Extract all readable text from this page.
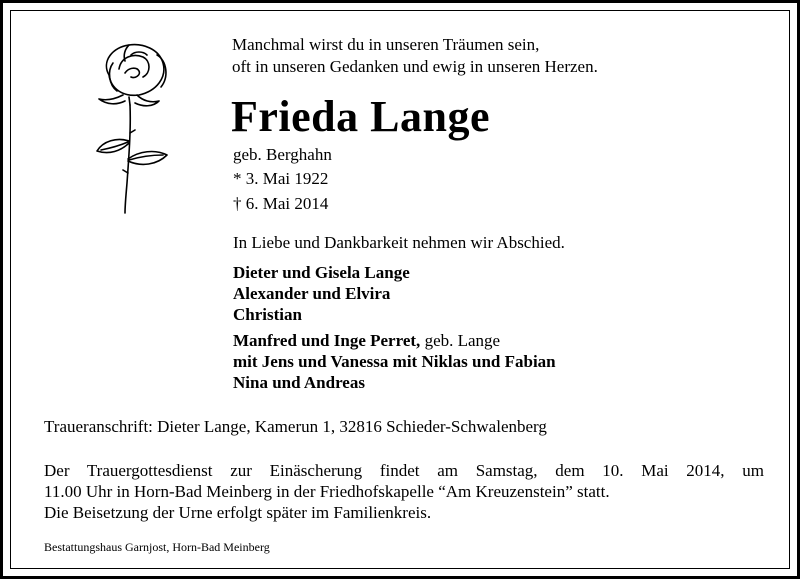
Manchmal wirst du in unseren Träumen sein,
oft in unseren Gedanken und ewig in unseren Herzen.
Frieda Lange
geb. Berghahn
* 3. Mai 1922
† 6. Mai 2014
In Liebe und Dankbarkeit nehmen wir Abschied.
Dieter und Gisela Lange
Alexander und Elvira
Christian
Manfred und Inge Perret, geb. Lange
mit Jens und Vanessa mit Niklas und Fabian
Nina und Andreas
Traueranschrift: Dieter Lange, Kamerun 1, 32816 Schieder-Schwalenberg
Der Trauergottesdienst zur Einäscherung findet am Samstag, dem 10. Mai 2014, um
11.00 Uhr in Horn-Bad Meinberg in der Friedhofskapelle “Am Kreuzenstein” statt.
Die Beisetzung der Urne erfolgt später im Familienkreis.
Bestattungshaus Garnjost, Horn-Bad Meinberg
